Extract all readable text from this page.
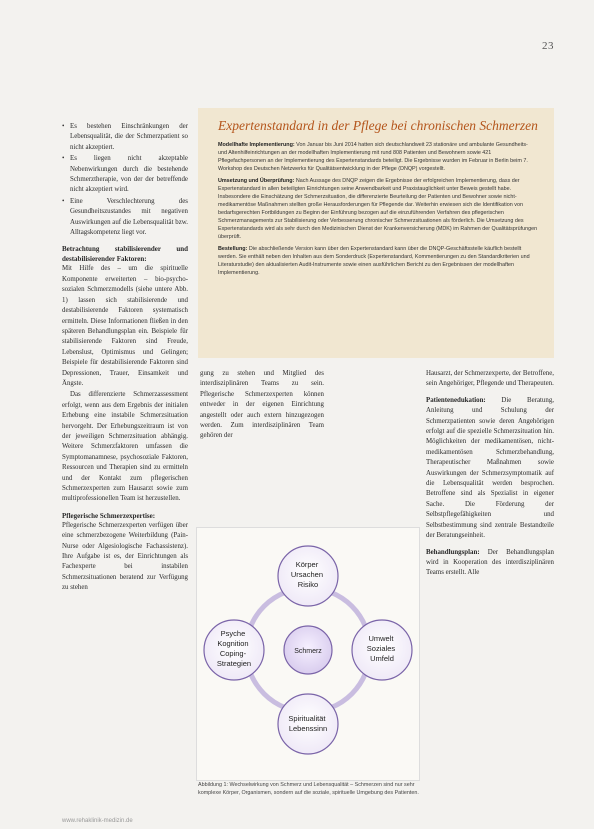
23
• Es bestehen Einschränkungen der Lebensqualität, die der Schmerzpatient so nicht akzeptiert.
• Es liegen nicht akzeptable Nebenwirkungen durch die bestehende Schmerztherapie, von der der betreffende nicht akzeptiert wird.
• Eine Verschlechterung des Gesundheitszustandes mit negativen Auswirkungen auf die Lebensqualität bzw. Alltagskompetenz liegt vor.
Betrachtung stabilisierender und destabilisierender Faktoren:

Mit Hilfe des – um die spirituelle Komponente erweiterten – bio-psycho-sozialen Schmerzmodells (siehe untere Abb. 1) lassen sich stabilisierende und destabilisierende Faktoren systematisch ermitteln. Diese Informationen fließen in den späteren Behandlungsplan ein. Beispiele für stabilisierende Faktoren sind Freude, Lebenslust, Optimismus und Gelingen; Beispiele für destabilisierende Faktoren sind Depressionen, Trauer, Einsamkeit und Ängste.

Das differenzierte Schmerzassessment erfolgt, wenn aus dem Ergebnis der initialen Erhebung eine instabile Schmerzsituation hervorgeht. Der Erhebungszeitraum ist von der jeweiligen Schmerzsituation abhängig. Weitere Schmerzfaktoren umfassen die Symptomanamnese, psychosoziale Faktoren, Ressourcen und Therapien sind zu ermitteln und der Kontakt zum pflegerischen Schmerzexperten zum Hausarzt sowie zum multiprofessionellen Team ist herzustellen.

Pflegerische Schmerzexpertise:

Pflegerische Schmerzexperten verfügen über eine schmerzbezogene Weiterbildung (Pain-Nurse oder Algesiologische Fachassistenz). Ihre Aufgabe ist es, der Einrichtungen als Fachexperte bei instabilen Schmerzsituationen beratend zur Verfügung zu stehen

Expertenstandard in der Pflege bei chronischen Schmerzen

Modellhafte Implementierung: Von Januar bis Juni 2014 hatten sich deutschlandweit 23 stationäre und ambulante Gesundheits- und Altenhilfeinrichtungen an der modellhaften Implementierung mit rund 808 Patienten und Bewohnern sowie 421 Pflegefachpersonen an der Implementierung des Expertenstandards beteiligt. Die Ergebnisse wurden im Februar in Berlin beim 7. Workshop des Deutschen Netzwerks für Qualitätsentwicklung in der Pflege (DNQP) vorgestellt.

Umsetzung und Überprüfung: Nach Aussage des DNQP zeigen die Ergebnisse der erfolgreichen Implementierung, dass der Expertenstandard in allen beteiligten Einrichtungen seine Anwendbarkeit und Praxistauglichkeit unter Beweis gestellt habe. Insbesondere die Einschätzung der Schmerzsituation, die differenzierte Beurteilung der Patienten und Bewohner sowie nicht-medikamentöse Maßnahmen stellten große Herausforderungen für Pflegende dar. Weiterhin erwiesen sich die Identifikation von bedarfsgerechten Fortbildungen zu Beginn der Einführung bezogen auf die einzuführenden Verfahren des pflegerischen Schmerzmanagements zur Stabilisierung oder Verbesserung chronischer Schmerzsituationen als förderlich. Die Umsetzung des Expertenstandards wird als sehr durch den Medizinischen Dienst der Krankenversicherung (MDK) im Rahmen der Qualitätsprüfungen überprüft.

Bestellung: Die abschließende Version kann über den Expertenstandard kann über die DNQP-Geschäftsstelle käuflich bestellt werden. Sie enthält neben den Inhalten aus dem Sonderdruck (Expertenstandard, Kommentierungen zu den Standardkriterien und Literaturstudie) den aktualisierten Audit-Instrumente sowie einen ausführlichen Bericht zu den Ergebnissen der modellhaften Implementierung.

gung zu stehen und Mitglied des interdisziplinären Teams zu sein. Pflegerische Schmerzexperten können entweder in der eigenen Einrichtung angestellt oder auch extern hinzugezogen werden. Zum interdisziplinären Team gehören der

Hausarzt, der Schmerzexperte, der Betroffene, sein Angehöriger, Pflegende und Therapeuten.

Patientenedukation: Die Beratung, Anleitung und Schulung der Schmerzpatienten sowie deren Angehörigen erfolgt auf die spezielle Schmerzsituation hin. Möglichkeiten der medikamentösen, nicht-medikamentösen Schmerzbehandlung, Therapeutischer Maßnahmen sowie Auswirkungen der Schmerzsymptomatik auf die Lebensqualität werden besprochen. Betroffene sind als Spezialist in eigener Sache. Die Förderung der Selbstpflegefähigkeiten und Selbstbestimmung sind zentrale Bestandteile der Beratungseinheit.

Behandlungsplan: Der Behandlungsplan wird in Kooperation des interdisziplinären Teams erstellt. Alle

Schmerz
Körper Ursachen Risiko
Umwelt Soziales Umfeld
Spiritualität Lebenssinn
Psyche Kognition Coping- Strategien
Abbildung 1: Wechselwirkung von Schmerz und Lebensqualität – Schmerzen sind nur sehr komplexe Körper, Organismen, sondern auf die soziale, spirituelle Umgebung des Patienten.
www.rehaklinik-medizin.de
